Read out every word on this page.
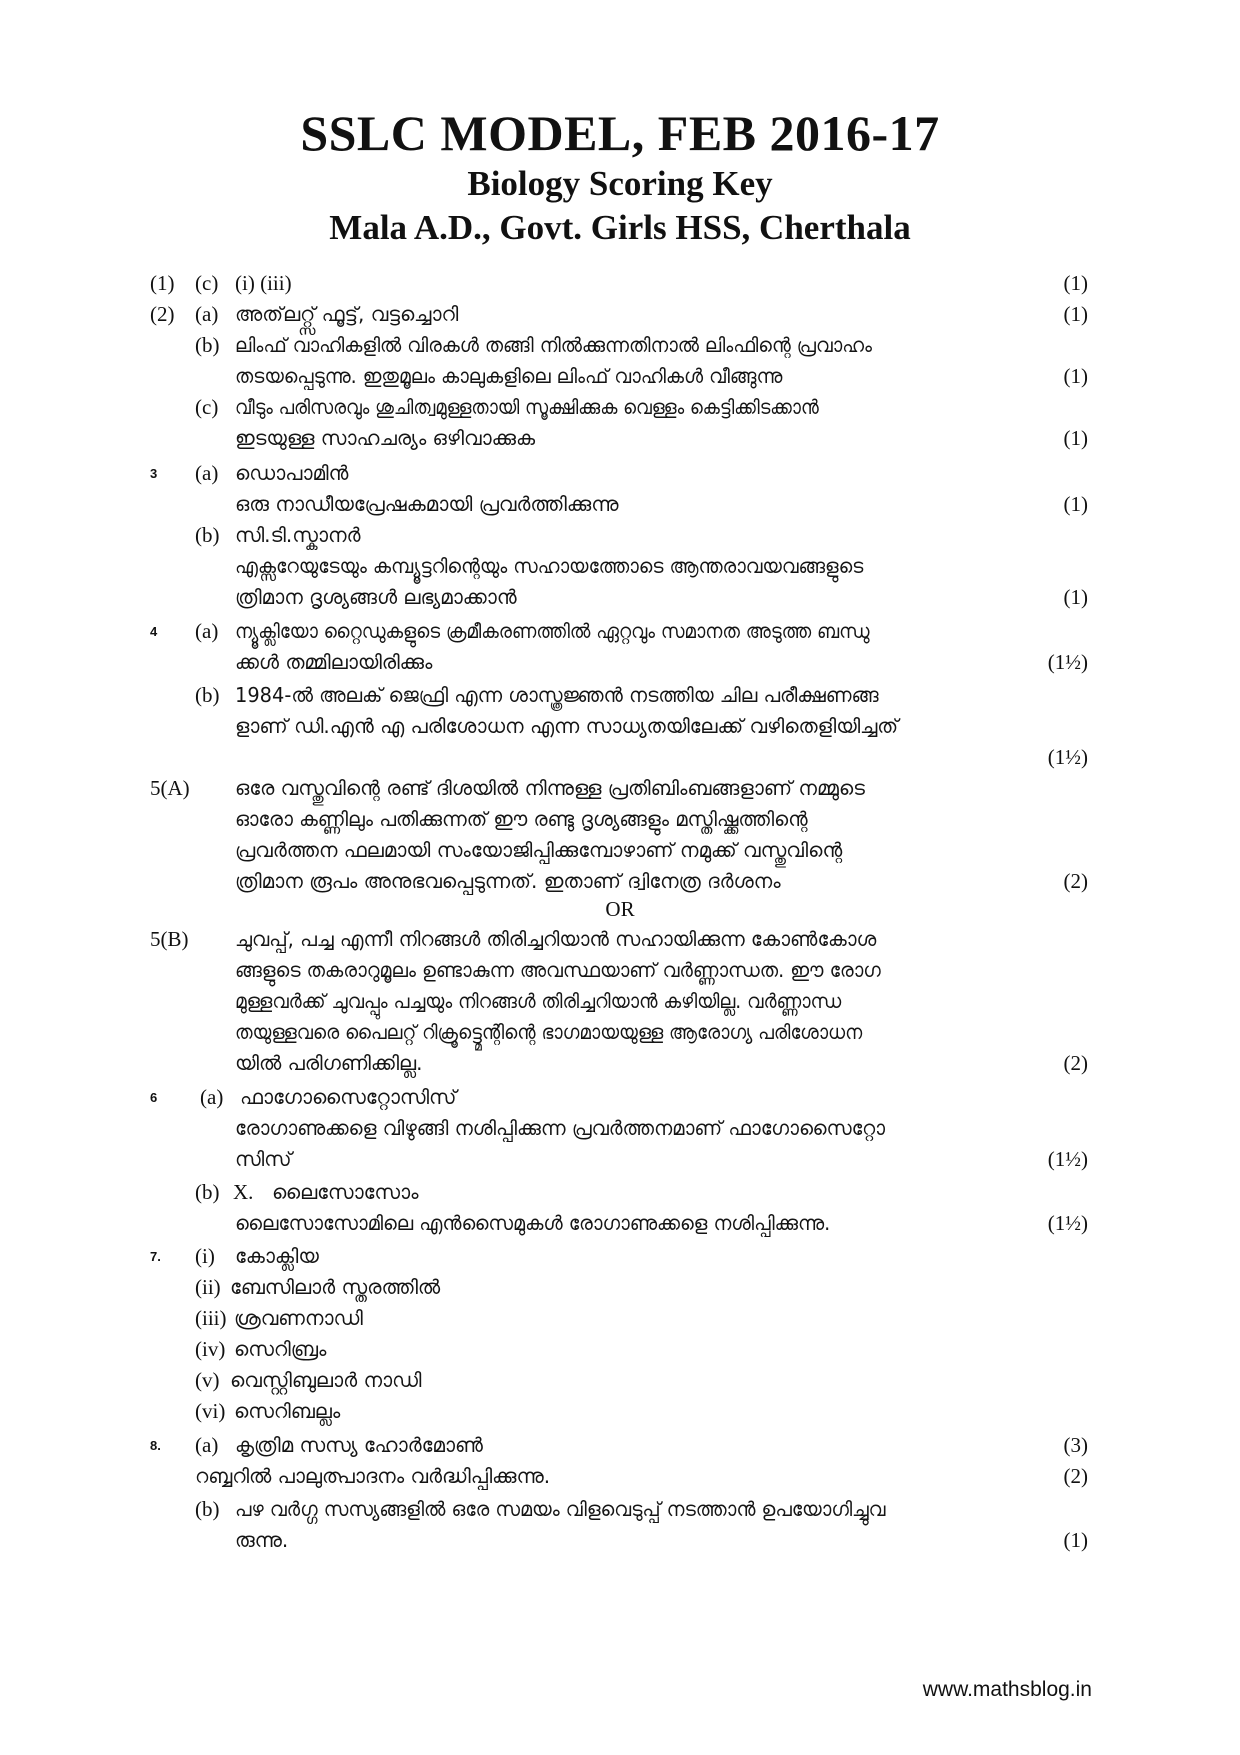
SSLC MODEL, FEB 2016-17
Biology Scoring Key
Mala A.D., Govt. Girls HSS, Cherthala
(1) (c) (i) (iii)	(1)
(2) (a) അത്‌ലറ്റ്സ് ഫൂട്ട്, വട്ടച്ചൊറി	(1)
(b) ലിംഫ് വാഹികളിൽ വിരകൾ തങ്ങി നിൽക്കുന്നതിനാൽ ലിംഫിന്റെ പ്രവാഹം
തടയപ്പെടുന്നു. ഇതുമൂലം കാലുകളിലെ ലിംഫ് വാഹികൾ വീങ്ങുന്നു	(1)
(c) വീടും പരിസരവും ശുചിത്വമുള്ളതായി സൂക്ഷിക്കുക വെള്ളം കെട്ടിക്കിടക്കാൻ
ഇടയുള്ള സാഹചര്യം ഒഴിവാക്കുക	(1)
3 (a) ഡൊപാമിൻ
ഒരു നാഡീയപ്രേഷകമായി പ്രവർത്തിക്കുന്നു	(1)
(b) സി.ടി.സ്കാനർ
എക്സറേയുടേയും കമ്പ്യൂട്ടറിന്റെയും സഹായത്തോടെ ആന്തരാവയവങ്ങളുടെ
ത്രിമാന ദൃശ്യങ്ങൾ ലഭ്യമാക്കാൻ	(1)
4 (a) ന്യൂക്ലിയോ റ്റൈഡുകളുടെ ക്രമീകരണത്തിൽ ഏറ്റവും സമാനത അടുത്ത ബന്ധു
ക്കൾ തമ്മിലായിരിക്കും	(1½)
(b) 1984-ൽ അലക് ജെഫ്രി എന്ന ശാസ്ത്രജ്ഞൻ നടത്തിയ ചില പരീക്ഷണങ്ങ
ളാണ് ഡി.എൻ എ പരിശോധന എന്ന സാധ്യതയിലേക്ക് വഴിതെളിയിച്ചത്
(1½)
5(A) ഒരേ വസ്തുവിന്റെ രണ്ട് ദിശയിൽ നിന്നുള്ള പ്രതിബിംബങ്ങളാണ് നമ്മുടെ
ഓരോ കണ്ണിലും പതിക്കുന്നത് ഈ രണ്ടു ദൃശ്യങ്ങളും മസ്തിഷ്ക്കത്തിന്റെ
പ്രവർത്തന ഫലമായി സംയോജിപ്പിക്കുമ്പോഴാണ് നമുക്ക് വസ്തുവിന്റെ
ത്രിമാന രൂപം അനുഭവപ്പെടുന്നത്. ഇതാണ് ദ്വിനേത്ര ദർശനം	(2)
OR
5(B) ചുവപ്പ്, പച്ച എന്നീ നിറങ്ങൾ തിരിച്ചറിയാൻ സഹായിക്കുന്ന കോൺകോശ
ങ്ങളുടെ തകരാറുമൂലം ഉണ്ടാകുന്ന അവസ്ഥയാണ് വർണ്ണാന്ധത. ഈ രോഗ
മുള്ളവർക്ക് ചുവപ്പും പച്ചയും നിറങ്ങൾ തിരിച്ചറിയാൻ കഴിയില്ല. വർണ്ണാന്ധ
തയുള്ളവരെ പൈലറ്റ് റിക്രൂട്ട്മെന്റിന്റെ ഭാഗമായയുള്ള ആരോഗ്യ പരിശോധന
യിൽ പരിഗണിക്കില്ല.	(2)
6 (a) ഫാഗോസൈറ്റോസിസ്
രോഗാണുക്കളെ വിഴുങ്ങി നശിപ്പിക്കുന്ന പ്രവർത്തനമാണ് ഫാഗോസൈറ്റോ
സിസ്	(1½)
(b) X. ലൈസോസോം
ലൈസോസോമിലെ എൻസൈമുകൾ രോഗാണുക്കളെ നശിപ്പിക്കുന്നു.	(1½)
7. (i) കോക്ലിയ
(ii) ബേസിലാർ സ്തരത്തിൽ
(iii) ശ്രവണനാഡി
(iv) സെറിബ്രം
(v) വെസ്റ്റിബുലാർ നാഡി
(vi) സെറിബല്ലം
8. (a) കൃത്രിമ സസ്യ ഹോർമോൺ	(3)
റബ്ബറിൽ പാലുത്പാദനം വർദ്ധിപ്പിക്കുന്നു.	(2)
(b) പഴ വർഗ്ഗ സസ്യങ്ങളിൽ ഒരേ സമയം വിളവെടുപ്പ് നടത്താൻ ഉപയോഗിച്ചുവ
രുന്നു.	(1)
www.mathsblog.in
